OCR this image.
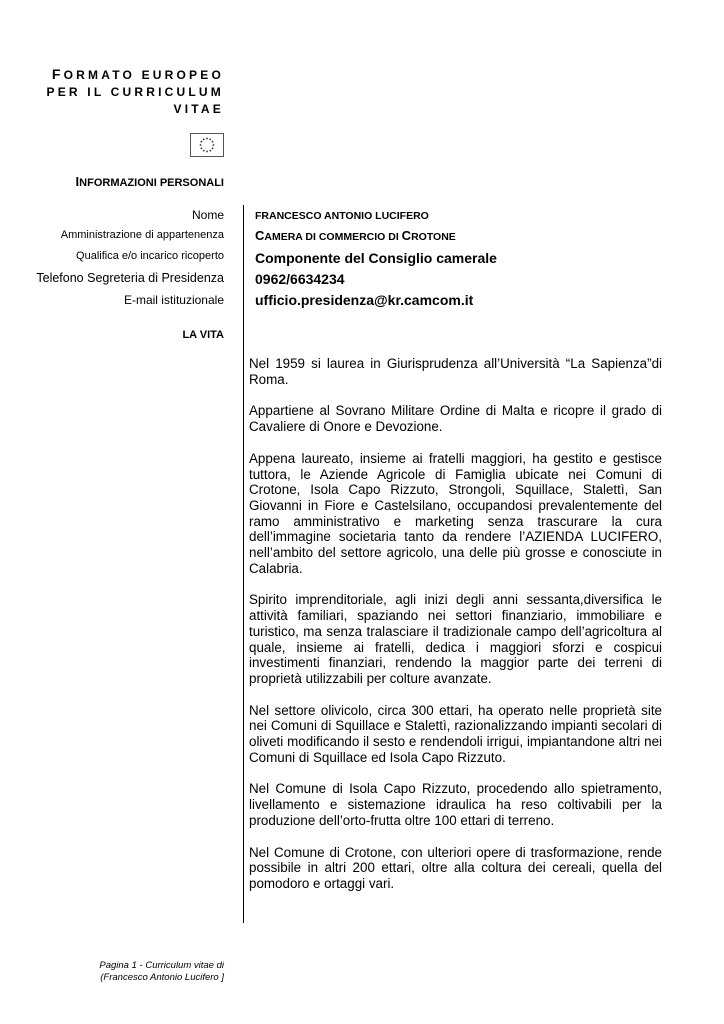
FORMATO EUROPEO
PER IL CURRICULUM
VITAE
INFORMAZIONI PERSONALI
Nome	FRANCESCO ANTONIO LUCIFERO
Amministrazione di appartenenza CAMERA DI COMMERCIO DI CROTONE
Qualifica e/o incarico ricoperto Componente del Consiglio camerale
Telefono Segreteria di Presidenza 0962/6634234
E-mail istituzionale ufficio.presidenza@kr.camcom.it
LA VITA

Nel 1959 si laurea in Giurisprudenza all’Università “La Sapienza”di Roma.

Appartiene al Sovrano Militare Ordine di Malta e ricopre il grado di Cavaliere di Onore e Devozione.

Appena laureato, insieme ai fratelli maggiori, ha gestito e gestisce tuttora, le Aziende Agricole di Famiglia ubicate nei Comuni di Crotone, Isola Capo Rizzuto, Strongoli, Squillace, Stalettì, San Giovanni in Fiore e Castelsilano, occupandosi prevalentemente del ramo amministrativo e marketing senza trascurare la cura dell’immagine societaria tanto da rendere l’AZIENDA LUCIFERO, nell’ambito del settore agricolo, una delle più grosse e conosciute in Calabria.

Spirito imprenditoriale, agli inizi degli anni sessanta,diversifica le attività familiari, spaziando nei settori finanziario, immobiliare e turistico, ma senza tralasciare il tradizionale campo dell’agricoltura al quale, insieme ai fratelli, dedica i maggiori sforzi e cospicui investimenti finanziari, rendendo la maggior parte dei terreni di proprietà utilizzabili per colture avanzate.

Nel settore olivicolo, circa 300 ettari, ha operato nelle proprietà site nei Comuni di Squillace e Stalettì, razionalizzando impianti secolari di oliveti modificando il sesto e rendendoli irrigui, impiantandone altri nei Comuni di Squillace ed Isola Capo Rizzuto.

Nel Comune di Isola Capo Rizzuto, procedendo allo spietramento, livellamento e sistemazione idraulica ha reso coltivabili per la produzione dell’orto-frutta oltre 100 ettari di terreno.

Nel Comune di Crotone, con ulteriori opere di trasformazione, rende possibile in altri 200 ettari, oltre alla coltura dei cereali, quella del pomodoro e ortaggi vari.

Pagina 1 - Curriculum vitae di
(Francesco Antonio Lucifero ]
